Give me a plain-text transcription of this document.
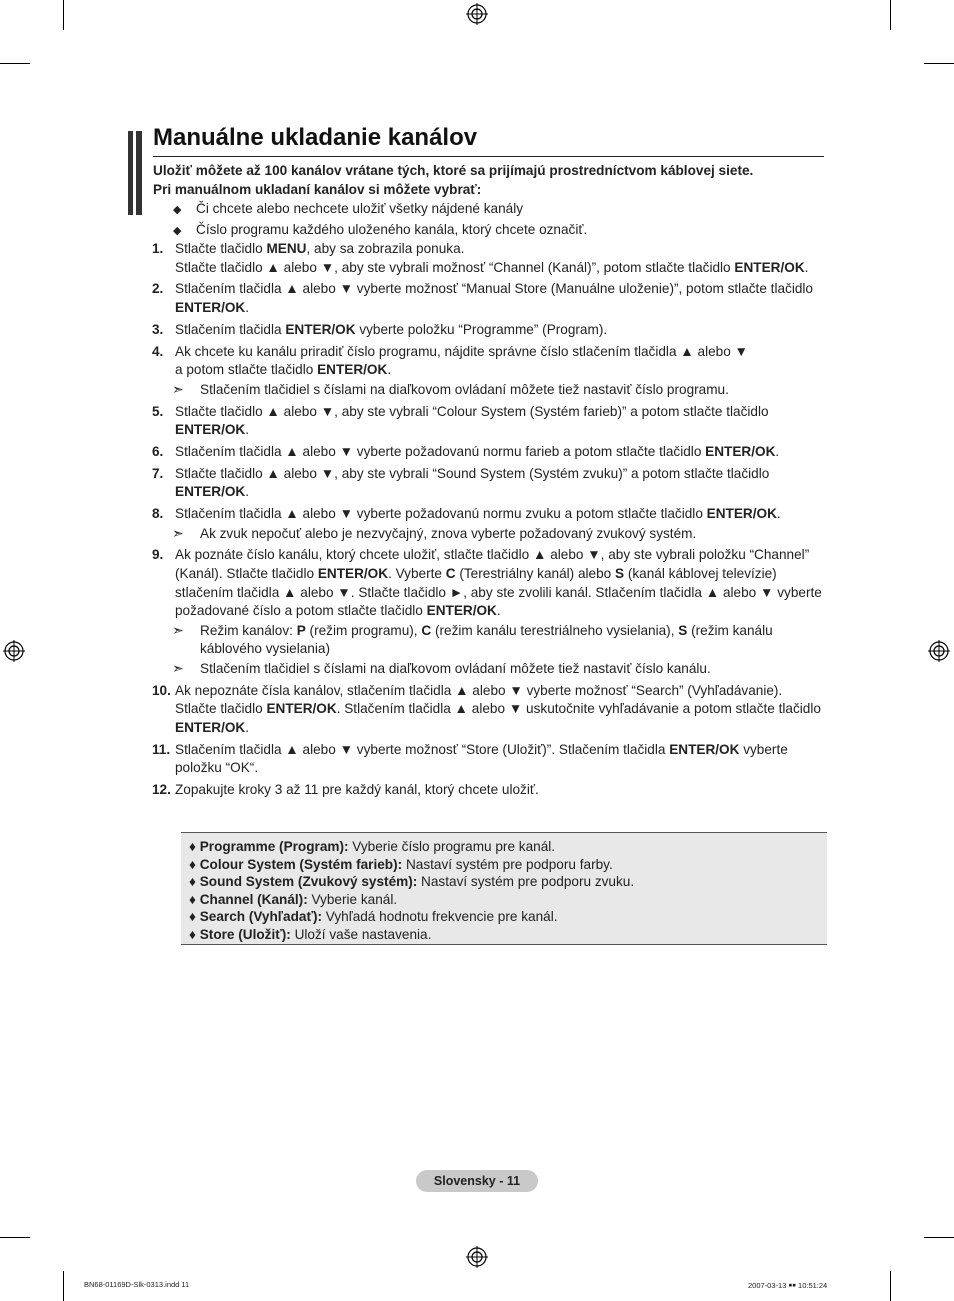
Manuálne ukladanie kanálov
Uložiť môžete až 100 kanálov vrátane tých, ktoré sa prijímajú prostredníctvom káblovej siete.
Pri manuálnom ukladaní kanálov si môžete vybrať:
◆ Či chcete alebo nechcete uložiť všetky nájdené kanály
◆ Číslo programu každého uloženého kanála, ktorý chcete označiť.
1. Stlačte tlačidlo MENU, aby sa zobrazila ponuka.
Stlačte tlačidlo ▲ alebo ▼, aby ste vybrali možnosť “Channel (Kanál)”, potom stlačte tlačidlo ENTER/OK.
2. Stlačením tlačidla ▲ alebo ▼ vyberte možnosť “Manual Store (Manuálne uloženie)”, potom stlačte tlačidlo ENTER/OK.
3. Stlačením tlačidla ENTER/OK vyberte položku “Programme” (Program).
4. Ak chcete ku kanálu priradiť číslo programu, nájdite správne číslo stlačením tlačidla ▲ alebo ▼
a potom stlačte tlačidlo ENTER/OK.
➣ Stlačením tlačidiel s číslami na diaľkovom ovládaní môžete tiež nastaviť číslo programu.
5. Stlačte tlačidlo ▲ alebo ▼, aby ste vybrali “Colour System (Systém farieb)” a potom stlačte tlačidlo ENTER/OK.
6. Stlačením tlačidla ▲ alebo ▼ vyberte požadovanú normu farieb a potom stlačte tlačidlo ENTER/OK.
7. Stlačte tlačidlo ▲ alebo ▼, aby ste vybrali “Sound System (Systém zvuku)” a potom stlačte tlačidlo ENTER/OK.
8. Stlačením tlačidla ▲ alebo ▼ vyberte požadovanú normu zvuku a potom stlačte tlačidlo ENTER/OK.
➣ Ak zvuk nepočuť alebo je nezvyčajný, znova vyberte požadovaný zvukový systém.
9. Ak poznáte číslo kanálu, ktorý chcete uložiť, stlačte tlačidlo ▲ alebo ▼, aby ste vybrali položku “Channel” (Kanál). Stlačte tlačidlo ENTER/OK. Vyberte C (Terestriálny kanál) alebo S (kanál káblovej televízie) stlačením tlačidla ▲ alebo ▼. Stlačte tlačidlo ►, aby ste zvolili kanál. Stlačením tlačidla ▲ alebo ▼ vyberte požadované číslo a potom stlačte tlačidlo ENTER/OK.
➣ Režim kanálov: P (režim programu), C (režim kanálu terestriálneho vysielania), S (režim kanálu káblového vysielania)
➣ Stlačením tlačidiel s číslami na diaľkovom ovládaní môžete tiež nastaviť číslo kanálu.
10. Ak nepoznáte čísla kanálov, stlačením tlačidla ▲ alebo ▼ vyberte možnosť “Search” (Vyhľadávanie). Stlačte tlačidlo ENTER/OK. Stlačením tlačidla ▲ alebo ▼ uskutočnite vyhľadávanie a potom stlačte tlačidlo ENTER/OK.
11. Stlačením tlačidla ▲ alebo ▼ vyberte možnosť “Store (Uložiť)”. Stlačením tlačidla ENTER/OK vyberte položku “OK“.
12. Zopakujte kroky 3 až 11 pre každý kanál, ktorý chcete uložiť.
♦ Programme (Program): Vyberie číslo programu pre kanál.
♦ Colour System (Systém farieb): Nastaví systém pre podporu farby.
♦ Sound System (Zvukový systém): Nastaví systém pre podporu zvuku.
♦ Channel (Kanál): Vyberie kanál.
♦ Search (Vyhľadať): Vyhľadá hodnotu frekvencie pre kanál.
♦ Store (Uložiť): Uloží vaše nastavenia.
Slovensky - 11
BN68-01169D-Slk-0313.indd 11	2007-03-13 ￭￭ 10:51:24
